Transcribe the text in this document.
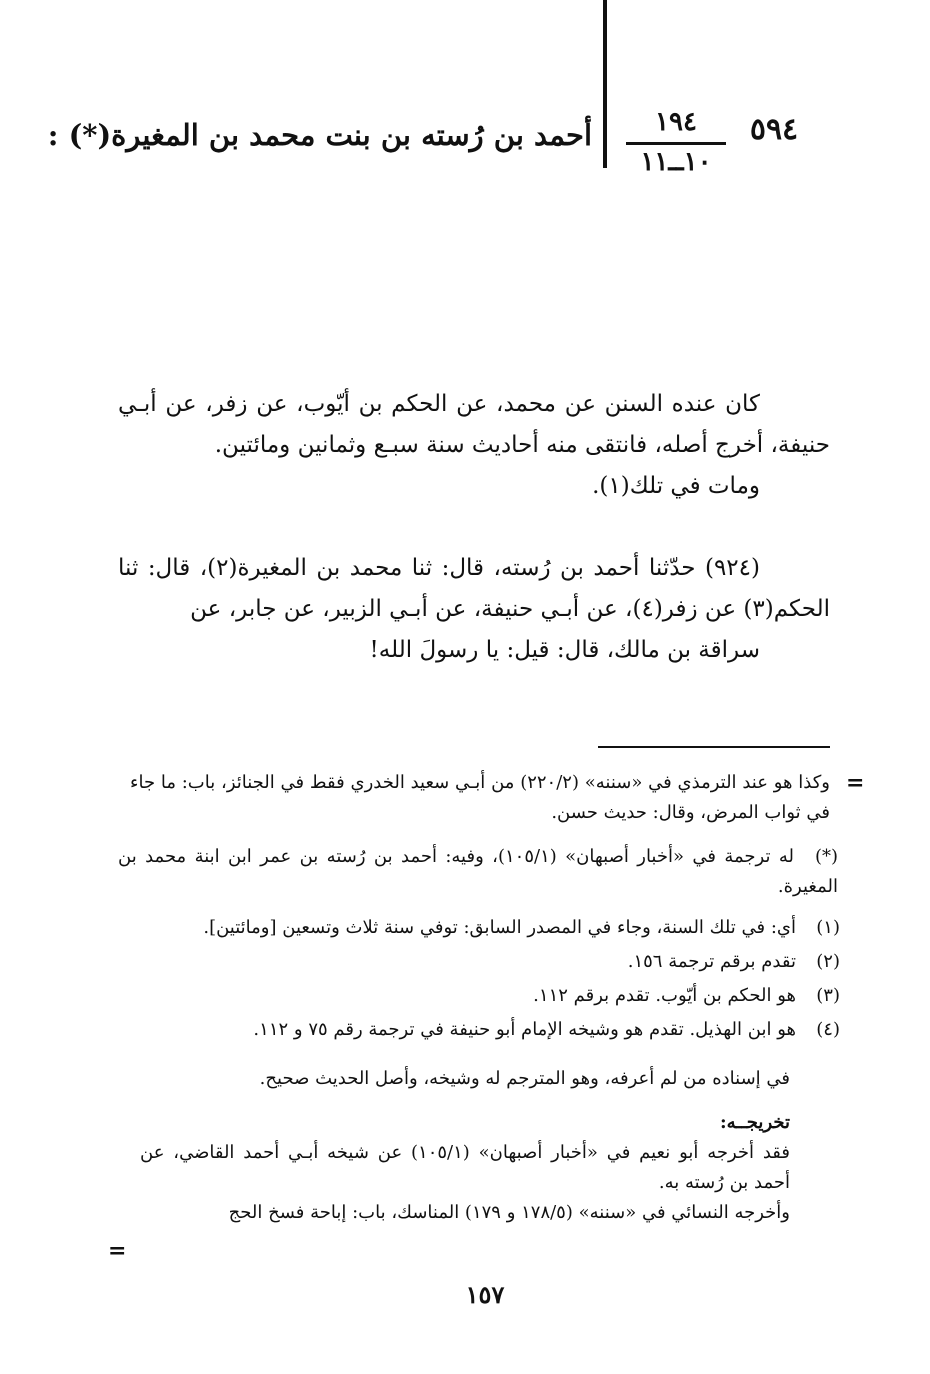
٥٩٤
١٩٤
١٠ــ١١
أحمد بن رُسته بن بنت محمد بن المغيرة(*) :
كان عنده السنن عن محمد، عن الحكم بن أيّوب، عن زفر، عن أبـي حنيفة، أخرج أصله، فانتقى منه أحاديث سنة سبـع وثمانين ومائتين.
ومات في تلك(١).
(٩٢٤) حدّثنا أحمد بن رُسته، قال: ثنا محمد بن المغيرة(٢)، قال: ثنا الحكم(٣) عن زفر(٤)، عن أبـي حنيفة، عن أبـي الزبير، عن جابر، عن
سراقة بن مالك، قال: قيل: يا رسولَ الله!
=
وكذا هو عند الترمذي في «سننه» (٢٢٠/٢) من أبـي سعيد الخدري فقط في الجنائز، باب: ما جاء في ثواب المرض، وقال: حديث حسن.
(*)
له ترجمة في «أخبار أصبهان» (١٠٥/١)، وفيه: أحمد بن رُسته بن عمر ابن ابنة محمد بن المغيرة.
(١)
أي: في تلك السنة، وجاء في المصدر السابق: توفي سنة ثلاث وتسعين [ومائتين].
(٢)
تقدم برقم ترجمة ١٥٦.
(٣)
هو الحكم بن أيّوب. تقدم برقم ١١٢.
(٤)
هو ابن الهذيل. تقدم هو وشيخه الإمام أبو حنيفة في ترجمة رقم ٧٥ و ١١٢.
في إسناده من لم أعرفه، وهو المترجم له وشيخه، وأصل الحديث صحيح.
تخريجــه:
فقد أخرجه أبو نعيم في «أخبار أصبهان» (١٠٥/١) عن شيخه أبـي أحمد القاضي، عن أحمد بن رُسته به.
وأخرجه النسائي في «سننه» (١٧٨/٥ و ١٧٩) المناسك، باب: إباحة فسخ الحج
=
١٥٧
